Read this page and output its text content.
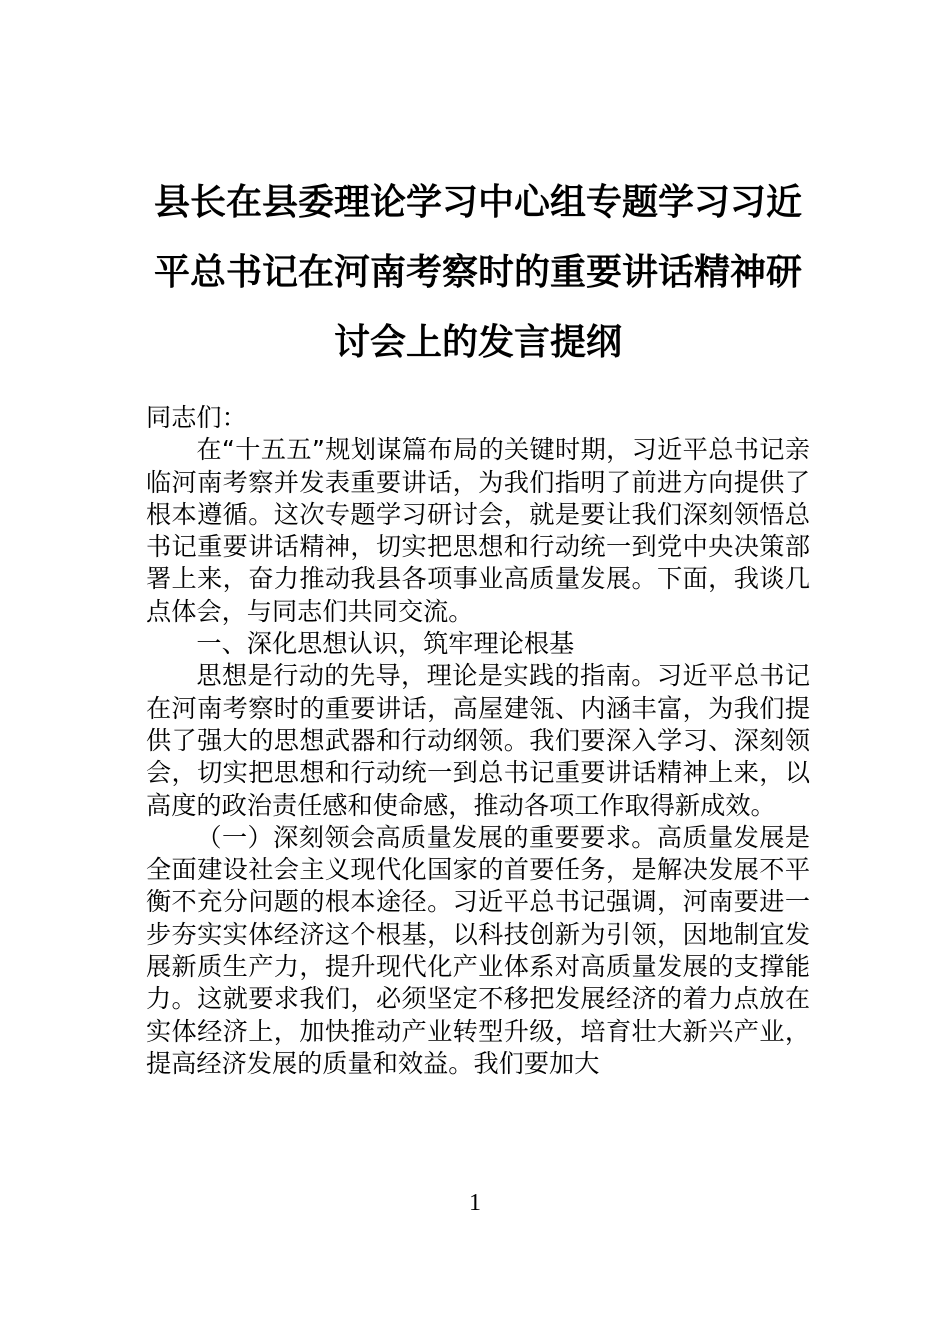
县长在县委理论学习中心组专题学习习近
平总书记在河南考察时的重要讲话精神研
讨会上的发言提纲

同志们：

在“十五五”规划谋篇布局的关键时期，习近平总书记亲临河南考察并发表重要讲话，为我们指明了前进方向提供了根本遵循。这次专题学习研讨会，就是要让我们深刻领悟总书记重要讲话精神，切实把思想和行动统一到党中央决策部署上来，奋力推动我县各项事业高质量发展。下面，我谈几点体会，与同志们共同交流。

一、深化思想认识，筑牢理论根基

思想是行动的先导，理论是实践的指南。习近平总书记在河南考察时的重要讲话，高屋建瓴、内涵丰富，为我们提供了强大的思想武器和行动纲领。我们要深入学习、深刻领会，切实把思想和行动统一到总书记重要讲话精神上来，以高度的政治责任感和使命感，推动各项工作取得新成效。

（一）深刻领会高质量发展的重要要求。高质量发展是全面建设社会主义现代化国家的首要任务，是解决发展不平衡不充分问题的根本途径。习近平总书记强调，河南要进一步夯实实体经济这个根基，以科技创新为引领，因地制宜发展新质生产力，提升现代化产业体系对高质量发展的支撑能力。这就要求我们，必须坚定不移把发展经济的着力点放在实体经济上，加快推动产业转型升级，培育壮大新兴产业，提高经济发展的质量和效益。我们要加大

1
